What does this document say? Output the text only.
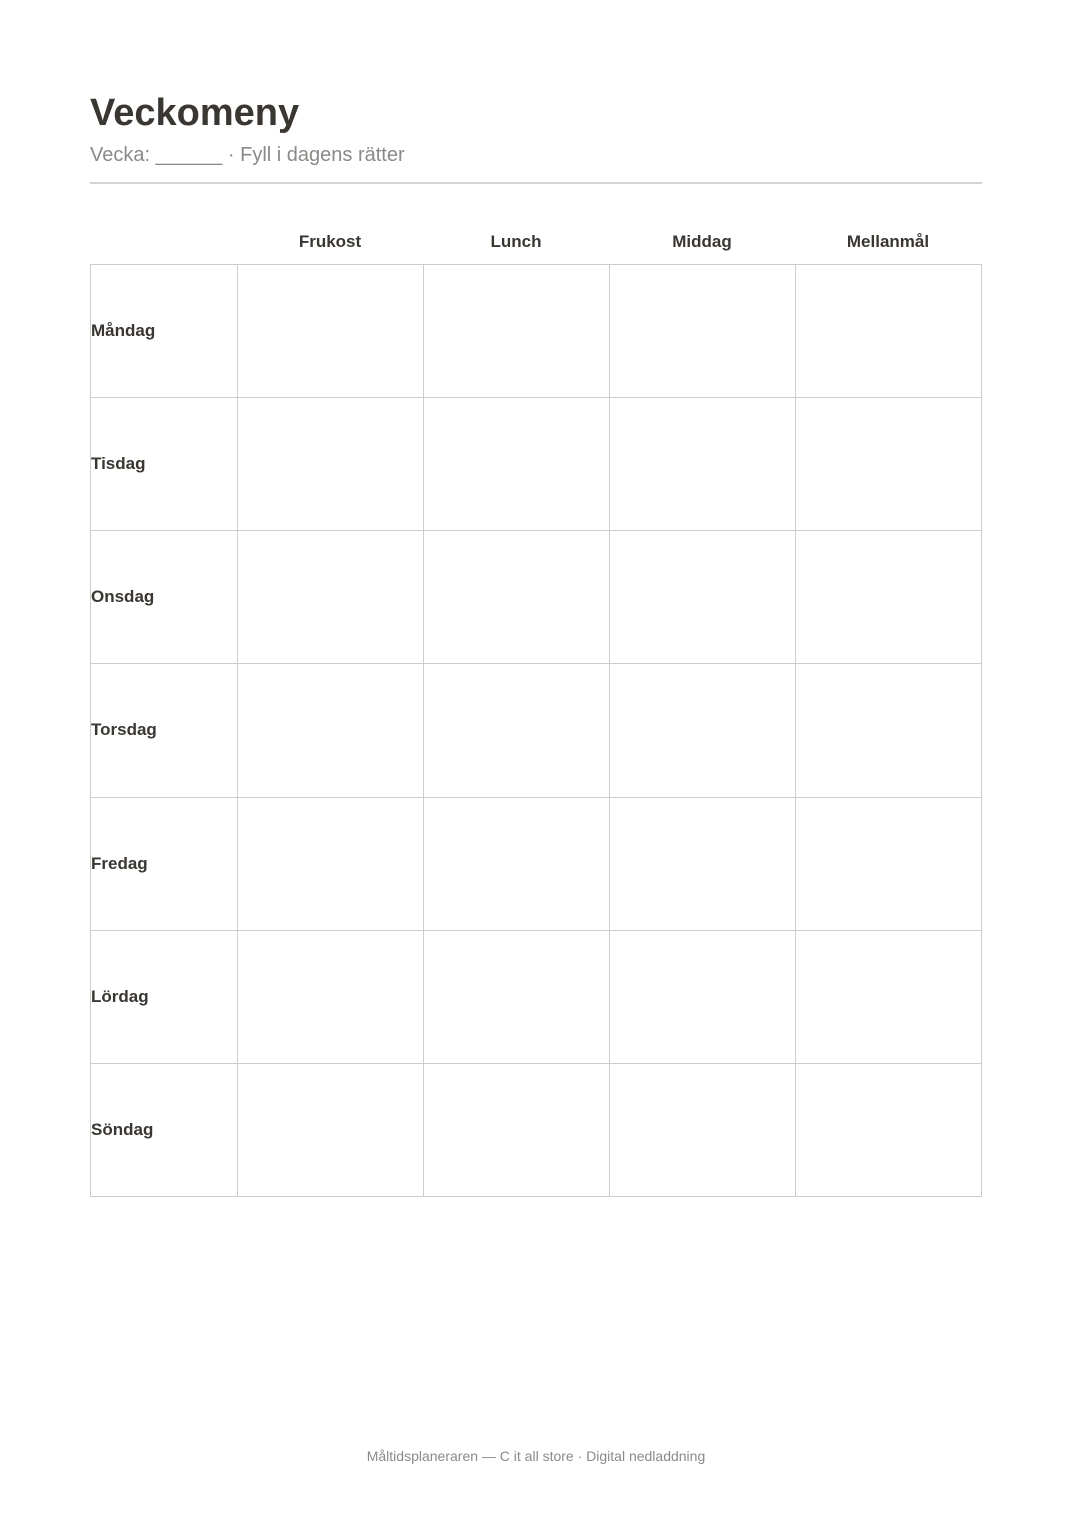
Veckomeny
Vecka: ______ · Fyll i dagens rätter
Frukost	Lunch	Middag	Mellanmål
Måndag				
Tisdag				
Onsdag				
Torsdag				
Fredag				
Lördag				
Söndag				
Måltidsplaneraren — C it all store · Digital nedladdning
